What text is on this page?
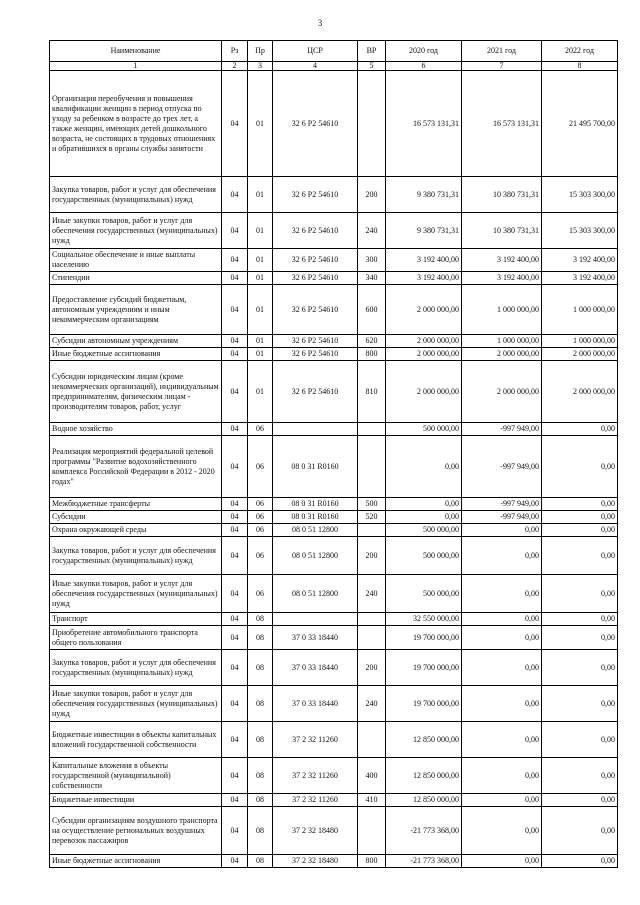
3
Наименование	Рз	Пр	ЦСР	ВР	2020 год	2021 год	2022 год
1	2	3	4	5	6	7	8
Организация переобучения и повышения квалификации женщин в период отпуска по уходу за ребенком в возрасте до трех лет, а также женщин, имеющих детей дошкольного возраста, не состоящих в трудовых отношениях и обратившихся в органы службы занятости	04	01	32 6 P2 54610		16 573 131,31	16 573 131,31	21 495 700,00
Закупка товаров, работ и услуг для обеспечения государственных (муниципальных) нужд	04	01	32 6 P2 54610	200	9 380 731,31	10 380 731,31	15 303 300,00
Иные закупки товаров, работ и услуг для обеспечения государственных (муниципальных) нужд	04	01	32 6 P2 54610	240	9 380 731,31	10 380 731,31	15 303 300,00
Социальное обеспечение и иные выплаты населению	04	01	32 6 P2 54610	300	3 192 400,00	3 192 400,00	3 192 400,00
Стипендии	04	01	32 6 P2 54610	340	3 192 400,00	3 192 400,00	3 192 400,00
Предоставление субсидий бюджетным, автономным учреждениям и иным некоммерческим организациям	04	01	32 6 P2 54610	600	2 000 000,00	1 000 000,00	1 000 000,00
Субсидии автономным учреждениям	04	01	32 6 P2 54610	620	2 000 000,00	1 000 000,00	1 000 000,00
Иные бюджетные ассигнования	04	01	32 6 P2 54610	800	2 000 000,00	2 000 000,00	2 000 000,00
Субсидии юридическим лицам (кроме некоммерческих организаций), индивидуальным предпринимателям, физическим лицам - производителям товаров, работ, услуг	04	01	32 6 P2 54610	810	2 000 000,00	2 000 000,00	2 000 000,00
Водное хозяйство	04	06			500 000,00	-997 949,00	0,00
Реализация мероприятий федеральной целевой программы "Развитие водохозяйственного комплекса Российской Федерации в 2012 - 2020 годах"	04	06	08 0 31 R0160		0,00	-997 949,00	0,00
Межбюджетные трансферты	04	06	08 0 31 R0160	500	0,00	-997 949,00	0,00
Субсидии	04	06	08 0 31 R0160	520	0,00	-997 949,00	0,00
Охрана окружающей среды	04	06	08 0 51 12800		500 000,00	0,00	0,00
Закупка товаров, работ и услуг для обеспечения государственных (муниципальных) нужд	04	06	08 0 51 12800	200	500 000,00	0,00	0,00
Иные закупки товаров, работ и услуг для обеспечения государственных (муниципальных) нужд	04	06	08 0 51 12800	240	500 000,00	0,00	0,00
Транспорт	04	08			32 550 000,00	0,00	0,00
Приобретение автомобильного транспорта общего пользования	04	08	37 0 33 18440		19 700 000,00	0,00	0,00
Закупка товаров, работ и услуг для обеспечения государственных (муниципальных) нужд	04	08	37 0 33 18440	200	19 700 000,00	0,00	0,00
Иные закупки товаров, работ и услуг для обеспечения государственных (муниципальных) нужд	04	08	37 0 33 18440	240	19 700 000,00	0,00	0,00
Бюджетные инвестиции в объекты капитальных вложений государственной собственности	04	08	37 2 32 11260		12 850 000,00	0,00	0,00
Капитальные вложения в объекты государственной (муниципальной) собственности	04	08	37 2 32 11260	400	12 850 000,00	0,00	0,00
Бюджетные инвестиции	04	08	37 2 32 11260	410	12 850 000,00	0,00	0,00
Субсидии организациям воздушного транспорта на осуществление региональных воздушных перевозок пассажиров	04	08	37 2 32 18480		-21 773 368,00	0,00	0,00
Иные бюджетные ассигнования	04	08	37 2 32 18480	800	-21 773 368,00	0,00	0,00
